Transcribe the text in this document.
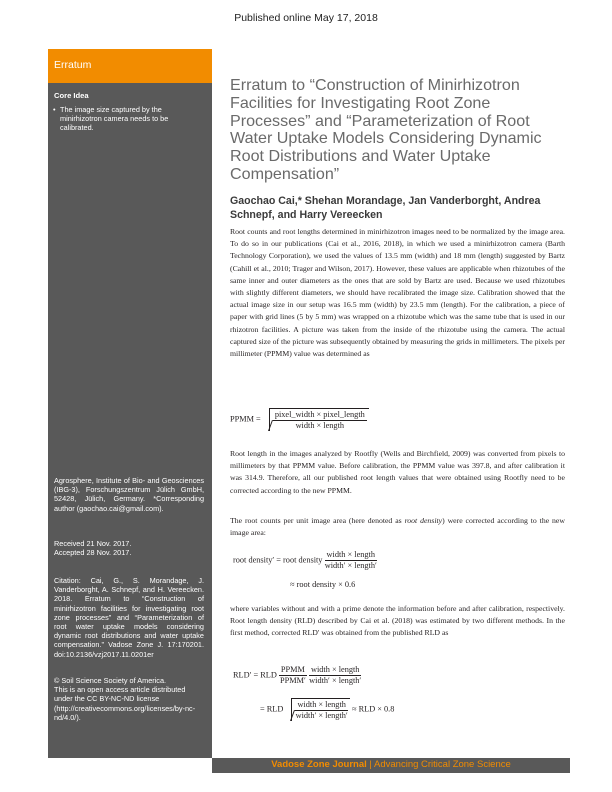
Published online May 17, 2018
Erratum
Core Idea
• The image size captured by the minirhizotron camera needs to be calibrated.
Agrosphere, Institute of Bio- and Geosciences (IBG-3), Forschungszentrum Jülich GmbH, 52428, Jülich, Germany. *Corresponding author (gaochao.cai@gmail.com).
Received 21 Nov. 2017.
Accepted 28 Nov. 2017.
Citation: Cai, G., S. Morandage, J. Vanderborght, A. Schnepf, and H. Vereecken. 2018. Erratum to “Construction of minirhizotron facilities for investigating root zone processes” and “Parameterization of root water uptake models considering dynamic root distributions and water uptake compensation.” Vadose Zone J. 17:170201. doi:10.2136/vzj2017.11.0201er
© Soil Science Society of America.
This is an open access article distributed under the CC BY-NC-ND license (http://creativecommons.org/licenses/by-nc-nd/4.0/).
Erratum to “Construction of Minirhizotron Facilities for Investigating Root Zone Processes” and “Parameterization of Root Water Uptake Models Considering Dynamic Root Distributions and Water Uptake Compensation”
Gaochao Cai,* Shehan Morandage, Jan Vanderborght, Andrea Schnepf, and Harry Vereecken
Root counts and root lengths determined in minirhizotron images need to be normalized by the image area. To do so in our publications (Cai et al., 2016, 2018), in which we used a minirhizotron camera (Barth Technology Corporation), we used the values of 13.5 mm (width) and 18 mm (length) suggested by Bartz (Cahill et al., 2010; Trager and Wilson, 2017). However, these values are applicable when rhizotubes of the same inner and outer diameters as the ones that are sold by Bartz are used. Because we used rhizotubes with slightly different diameters, we should have recalibrated the image size. Calibration showed that the actual image size in our setup was 16.5 mm (width) by 23.5 mm (length). For the calibration, a piece of paper with grid lines (5 by 5 mm) was wrapped on a rhizotube which was the same tube that is used in our rhizotron facilities. A picture was taken from the inside of the rhizotube using the camera. The actual captured size of the picture was subsequently obtained by measuring the grids in millimeters. The pixels per millimeter (PPMM) value was determined as
PPMM = $\frac{\text{pixel\_width × pixel\_length}}{\text{width × length}}$
Root length in the images analyzed by Rootfly (Wells and Birchfield, 2009) was converted from pixels to millimeters by that PPMM value. Before calibration, the PPMM value was 397.8, and after calibration it was 314.9. Therefore, all our published root length values that were obtained using Rootfly need to be corrected according to the new PPMM.
The root counts per unit image area (here denoted as root density) were corrected according to the new image area:
root density′ = root density $\frac{\text{width × length}}{\text{width′ × length′}}$
≈ root density × 0.6
where variables without and with a prime denote the information before and after calibration, respectively. Root length density (RLD) described by Cai et al. (2018) was estimated by two different methods. In the first method, corrected RLD′ was obtained from the published RLD as
RLD′ = RLD $\frac{\text{PPMM}}{\text{PPMM′}}$
$\frac{\text{width × length}}{\text{width′ × length′}}$
= RLD $\frac{\text{width × length}}{\text{width′ × length′}}$ ≈ RLD × 0.8
Vadose Zone Journal | Advancing Critical Zone Science
